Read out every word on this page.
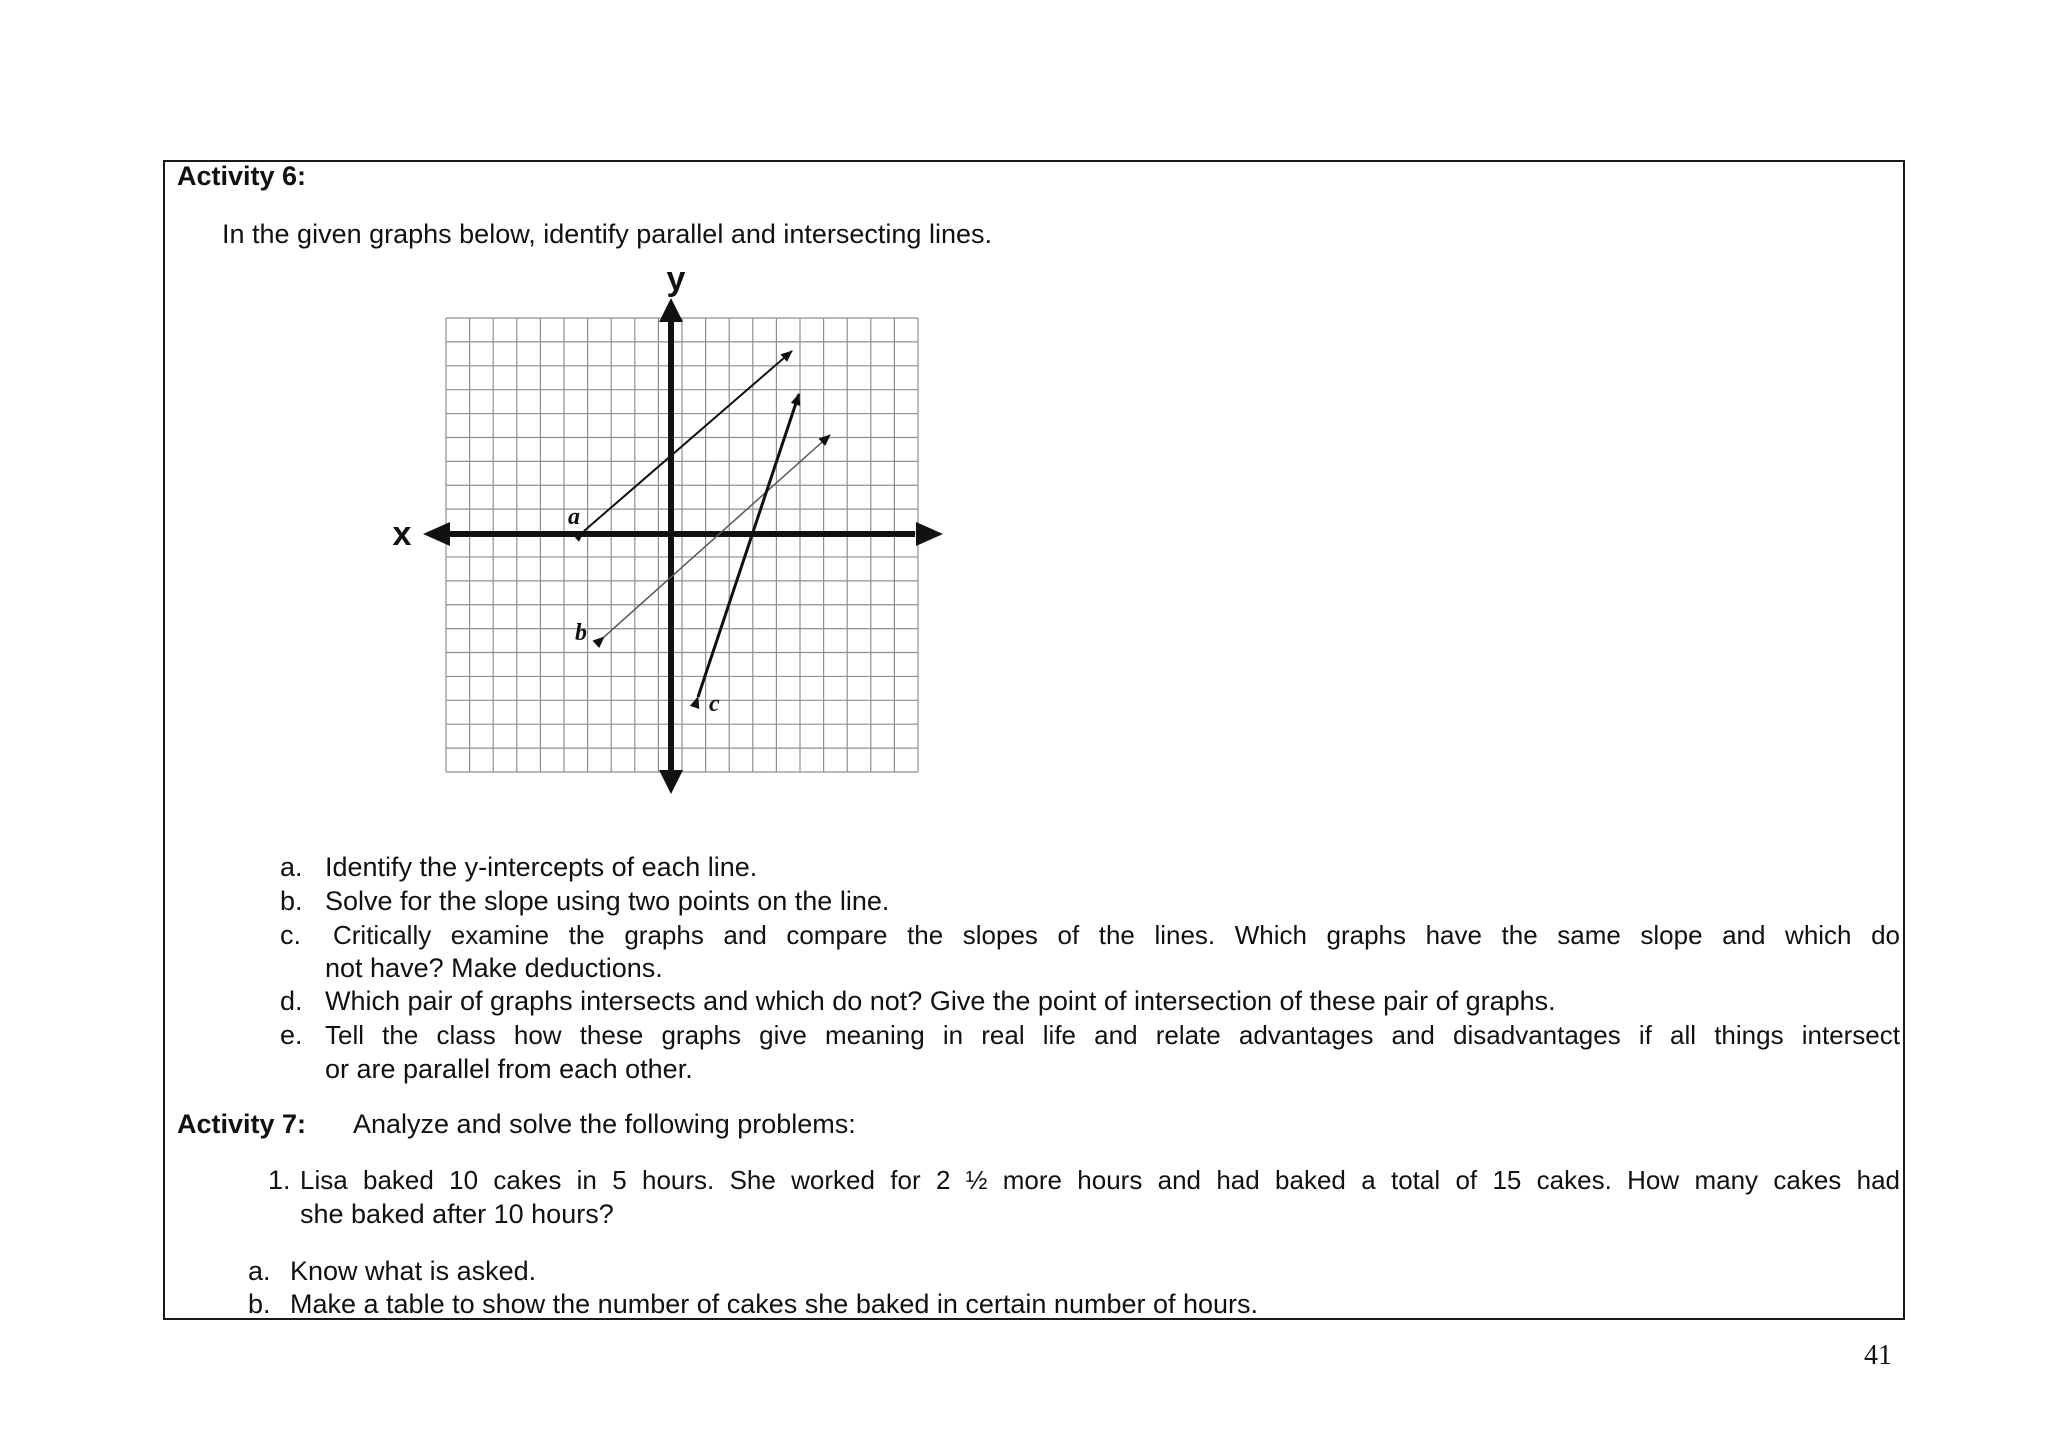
Activity 6:
In the given graphs below, identify parallel and intersecting lines.
y
x	a
b
c
a. Identify the y-intercepts of each line.
b. Solve for the slope using two points on the line.
c. Critically examine the graphs and compare the slopes of the lines. Which graphs have the same slope and which do
not have? Make deductions.
d. Which pair of graphs intersects and which do not? Give the point of intersection of these pair of graphs.
e. Tell the class how these graphs give meaning in real life and relate advantages and disadvantages if all things intersect
or are parallel from each other.
Activity 7: Analyze and solve the following problems:
1. Lisa baked 10 cakes in 5 hours. She worked for 2 ½ more hours and had baked a total of 15 cakes. How many cakes had
she baked after 10 hours?
a. Know what is asked.
b. Make a table to show the number of cakes she baked in certain number of hours.
41
